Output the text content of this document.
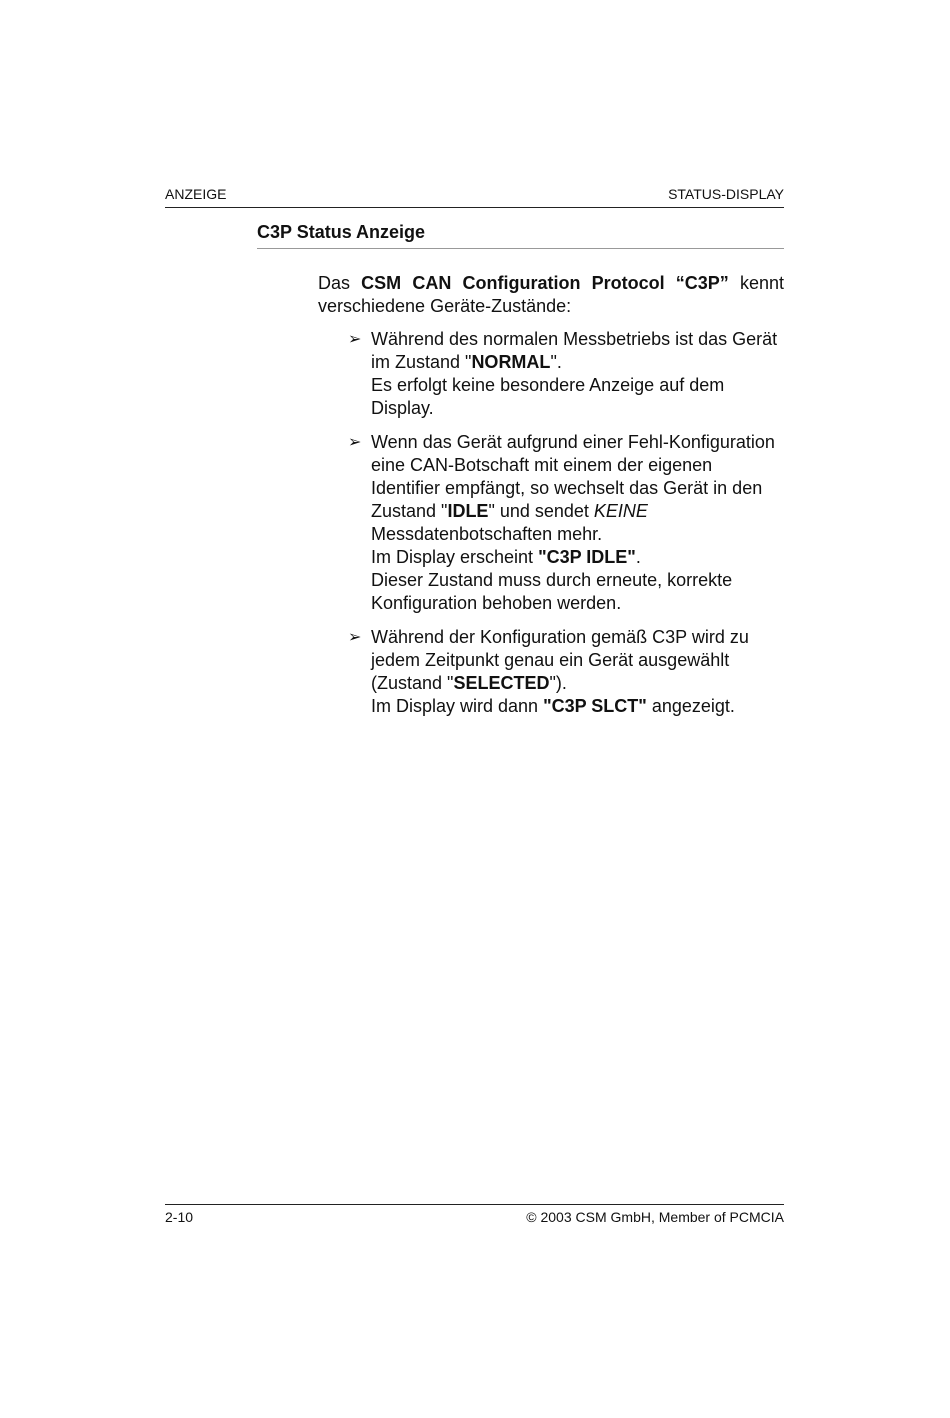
ANZEIGE	STATUS-DISPLAY
C3P Status Anzeige

Das CSM CAN Configuration Protocol “C3P” kennt verschiedene Geräte-Zustände:

➢ Während des normalen Messbetriebs ist das Gerät im Zustand "NORMAL".
Es erfolgt keine besondere Anzeige auf dem Display.
➢ Wenn das Gerät aufgrund einer Fehl-Konfiguration eine CAN-Botschaft mit einem der eigenen Identifier empfängt, so wechselt das Gerät in den Zustand "IDLE" und sendet KEINE Messdatenbotschaften mehr.
Im Display erscheint "C3P IDLE".
Dieser Zustand muss durch erneute, korrekte Konfiguration behoben werden.
➢ Während der Konfiguration gemäß C3P wird zu jedem Zeitpunkt genau ein Gerät ausgewählt
(Zustand "SELECTED").
Im Display wird dann "C3P SLCT" angezeigt.
2-10	© 2003 CSM GmbH, Member of PCMCIA
